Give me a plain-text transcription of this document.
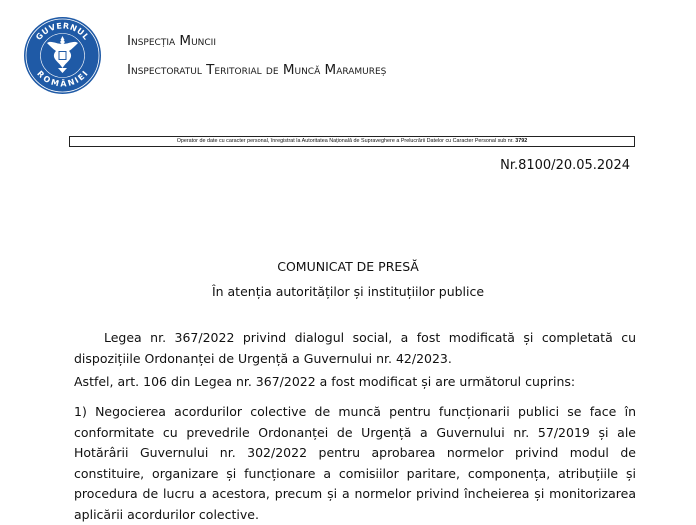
GUVERNUL
ROMÂNIEI
Inspecția Muncii
Inspectoratul Teritorial de Muncă Maramureș
Operator de date cu caracter personal, înregistrat la Autoritatea Națională de Supraveghere a Prelucrării Datelor cu Caracter Personal sub nr. 3792
Nr.8100/20.05.2024
COMUNICAT DE PRESĂ
În atenția autorităților și instituțiilor publice
Legea nr. 367/2022 privind dialogul social, a fost modificată și completată cu dispozițiile Ordonanței de Urgență a Guvernului nr. 42/2023.
Astfel, art. 106 din Legea nr. 367/2022 a fost modificat și are următorul cuprins:
1) Negocierea acordurilor colective de muncă pentru funcționarii publici se face în conformitate cu prevedrile Ordonanței de Urgență a Guvernului nr. 57/2019 și ale Hotărârii Guvernului nr. 302/2022 pentru aprobarea normelor privind modul de constituire, organizare și funcționare a comisiilor paritare, componența, atribuțiile și procedura de lucru a acestora, precum și a normelor privind încheierea și monitorizarea aplicării acordurilor colective.
